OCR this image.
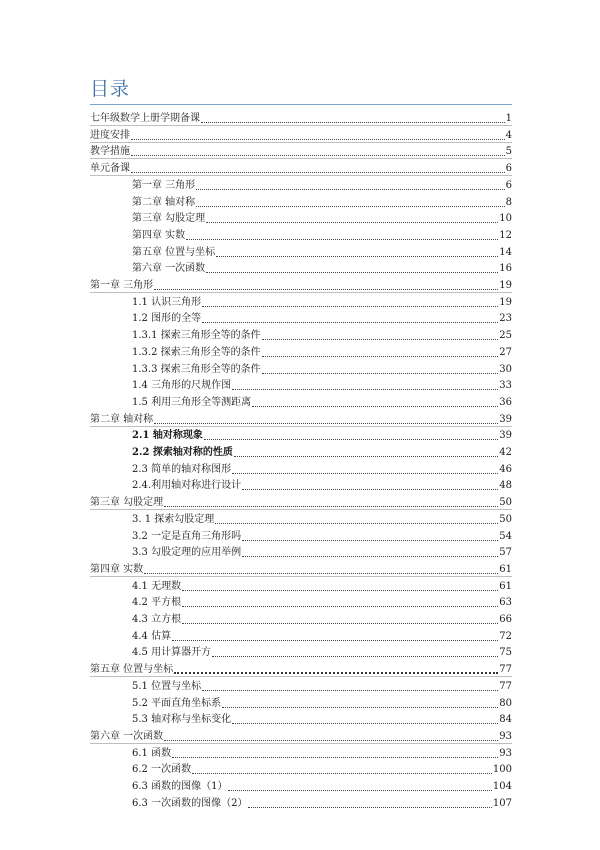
目录
七年级数学上册学期备课	1
进度安排	4
教学措施	5
单元备课	6
第一章 三角形	6
第二章 轴对称	8
第三章 勾股定理	10
第四章 实数	12
第五章 位置与坐标	14
第六章 一次函数	16
第一章 三角形	19
1.1 认识三角形	19
1.2 图形的全等	23
1.3.1 探索三角形全等的条件	25
1.3.2 探索三角形全等的条件	27
1.3.3 探索三角形全等的条件	30
1.4 三角形的尺规作图	33
1.5 利用三角形全等测距离	36
第二章 轴对称	39
2.1 轴对称现象	39
2.2 探索轴对称的性质	42
2.3 简单的轴对称图形	46
2.4.利用轴对称进行设计	48
第三章 勾股定理	50
3. 1 探索勾股定理	50
3.2 一定是直角三角形吗	54
3.3 勾股定理的应用举例	57
第四章 实数	61
4.1 无理数	61
4.2 平方根	63
4.3 立方根	66
4.4 估算	72
4.5 用计算器开方	75
第五章 位置与坐标	77
5.1 位置与坐标	77
5.2 平面直角坐标系	80
5.3 轴对称与坐标变化	84
第六章 一次函数	93
6.1 函数	93
6.2 一次函数	100
6.3 函数的图像（1）	104
6.3 一次函数的图像（2）	107
